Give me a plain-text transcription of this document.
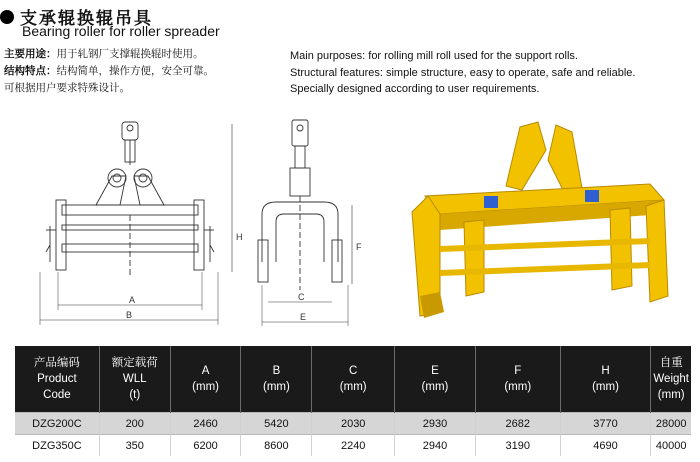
支承辊换辊吊具
Bearing roller for roller spreader
主要用途：用于轧钢厂支撑辊换辊时使用。
结构特点：结构简单，操作方便，安全可靠。
可根据用户要求特殊设计。
Main purposes: for rolling mill roll used for the support rolls.
Structural features: simple structure, easy to operate, safe and reliable.
Specially designed according to user requirements.
A
B
H
C
E
F
产品编码
Product
Code	额定载荷
WLL
(t)	A
(mm)	B
(mm)	C
(mm)	E
(mm)	F
(mm)	H
(mm)	自重
Weight
(mm)

DZG200C	200	2460	5420	2030	2930	2682	3770	28000
DZG350C	350	6200	8600	2240	2940	3190	4690	40000
